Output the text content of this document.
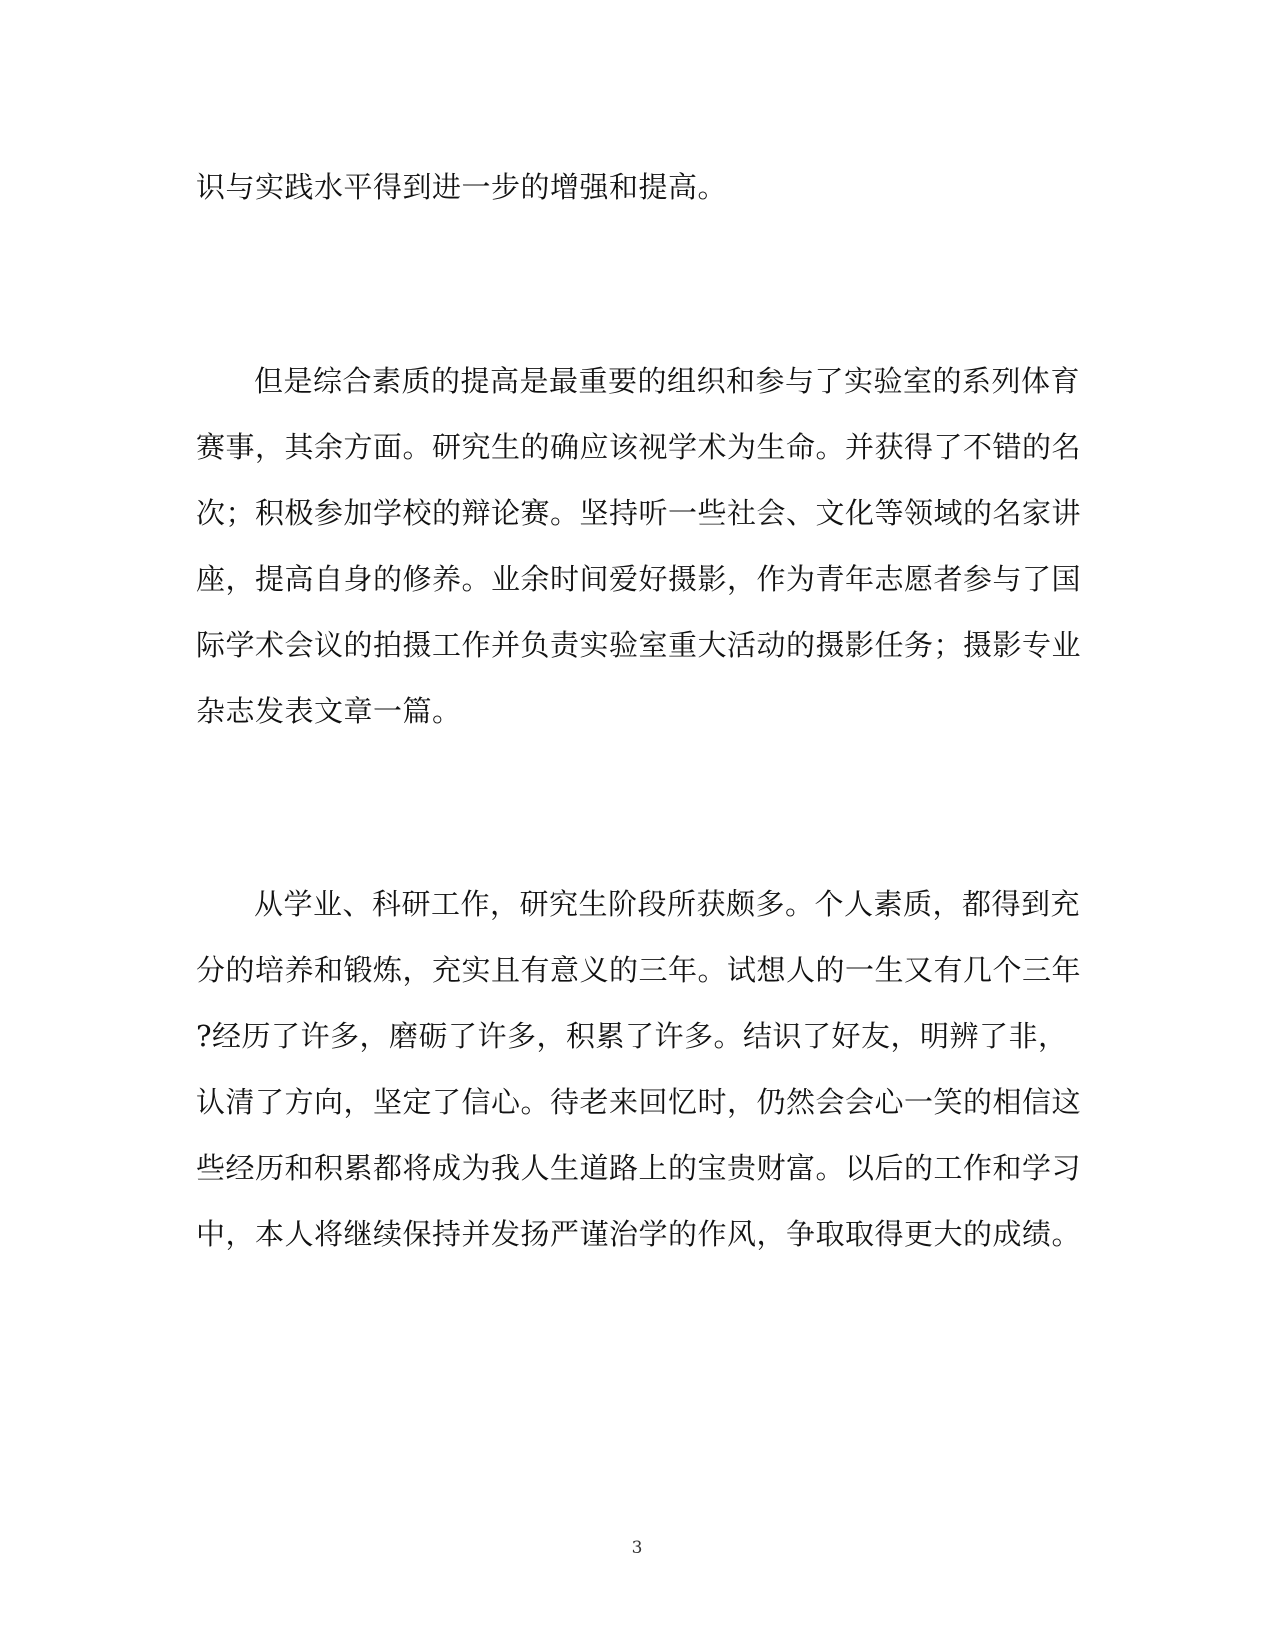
识与实践水平得到进一步的增强和提高。
但是综合素质的提高是最重要的组织和参与了实验室的系列体育
赛事，其余方面。研究生的确应该视学术为生命。并获得了不错的名
次；积极参加学校的辩论赛。坚持听一些社会、文化等领域的名家讲
座，提高自身的修养。业余时间爱好摄影，作为青年志愿者参与了国
际学术会议的拍摄工作并负责实验室重大活动的摄影任务；摄影专业
杂志发表文章一篇。
从学业、科研工作，研究生阶段所获颇多。个人素质，都得到充
分的培养和锻炼，充实且有意义的三年。试想人的一生又有几个三年
?经历了许多，磨砺了许多，积累了许多。结识了好友，明辨了非，
认清了方向，坚定了信心。待老来回忆时，仍然会会心一笑的相信这
些经历和积累都将成为我人生道路上的宝贵财富。以后的工作和学习
中，本人将继续保持并发扬严谨治学的作风，争取取得更大的成绩。
3
